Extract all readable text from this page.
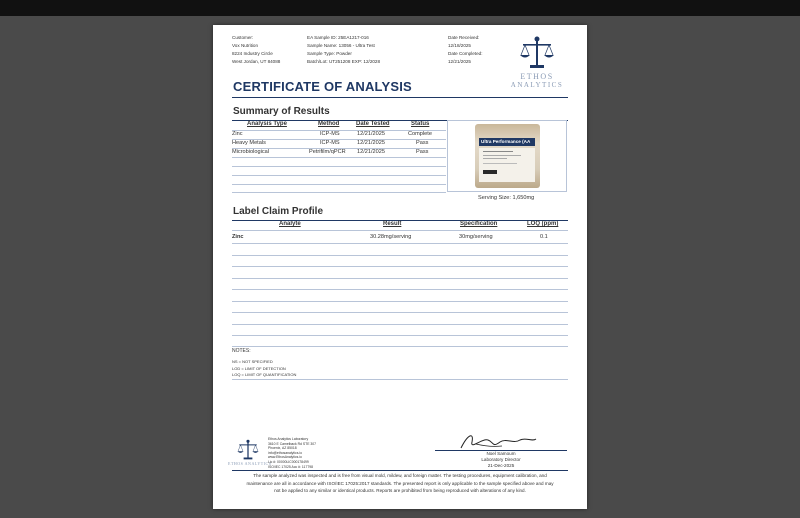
Customer:
Vox Nutrition
8224 Industry Circle
West Jordan, UT 84088
EA Sample ID: 25EA1217-016
Sample Name: 13056 - Ultra Test
Sample Type: Powder
Batch/Lot: UT251208 EXP: 12/2028
Date Received:
12/18/2025
Date Completed:
12/21/2025
ETHOS
ANALYTICS
CERTIFICATE OF ANALYSIS
Summary of Results
Analysis Type	Method	Date Tested	Status
Zinc	ICP-MS	12/21/2025	Complete
Heavy Metals	ICP-MS	12/21/2025	Pass
Microbiological	Petrifilm/qPCR 12/21/2025	Pass
Ultra Performance (AA
Serving Size: 1,650mg
Label Claim Profile
Analyte	Result	Specification	LOQ (ppm)
Zinc	30.28mg/serving	30mg/serving	0.1
NOTES:
NS = NOT SPECIFIED
LOD = LIMIT OF DETECTION
LOQ = LIMIT OF QUANTIFICATION
ETHOS ANALYTICS
Ethos Analytics Laboratory
3610 E Camelback Rd STE 307
Phoenix, AZ 85018
info@ethosanalytics.io
www.EthosAnalytics.io
Lic #: 00000LIC000178499
ISO/IEC 17025 Acc #: 117798
Noel Samoum
Laboratory Director
21-Dec-2025
The sample analyzed was inspected and is free from visual mold, mildew, and foreign matter. The testing procedures, equipment calibration, and
maintenance are all in accordance with ISO/IEC 17025:2017 standards. The presented report is only applicable to the sample specified above and may
not be applied to any similar or identical products. Reports are prohibited from being reproduced with alterations of any kind.
